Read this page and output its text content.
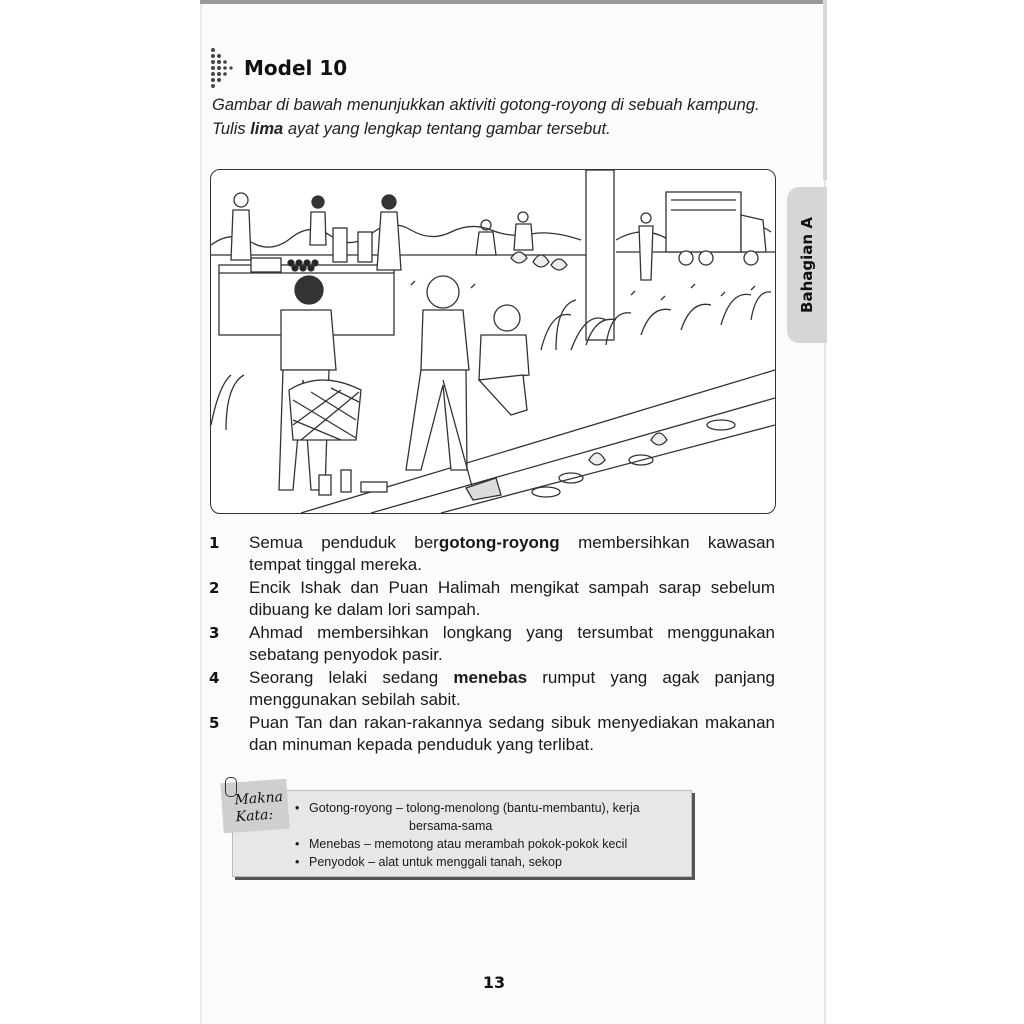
Model 10

Gambar di bawah menunjukkan aktiviti gotong-royong di sebuah kampung.

Tulis lima ayat yang lengkap tentang gambar tersebut.

Bahagian A
1	Semua penduduk bergotong-royong membersihkan kawasan tempat tinggal mereka.
2	Encik Ishak dan Puan Halimah mengikat sampah sarap sebelum dibuang ke dalam lori sampah.
3	Ahmad membersihkan longkang yang tersumbat menggunakan sebatang penyodok pasir.
4	Seorang lelaki sedang menebas rumput yang agak panjang menggunakan sebilah sabit.
5	Puan Tan dan rakan-rakannya sedang sibuk menyediakan makanan dan minuman kepada penduduk yang terlibat.
• Gotong-royong – tolong-menolong (bantu-membantu), kerja
bersama-sama
• Menebas – memotong atau merambah pokok-pokok kecil
• Penyodok – alat untuk menggali tanah, sekop
Makna
Kata:
13
